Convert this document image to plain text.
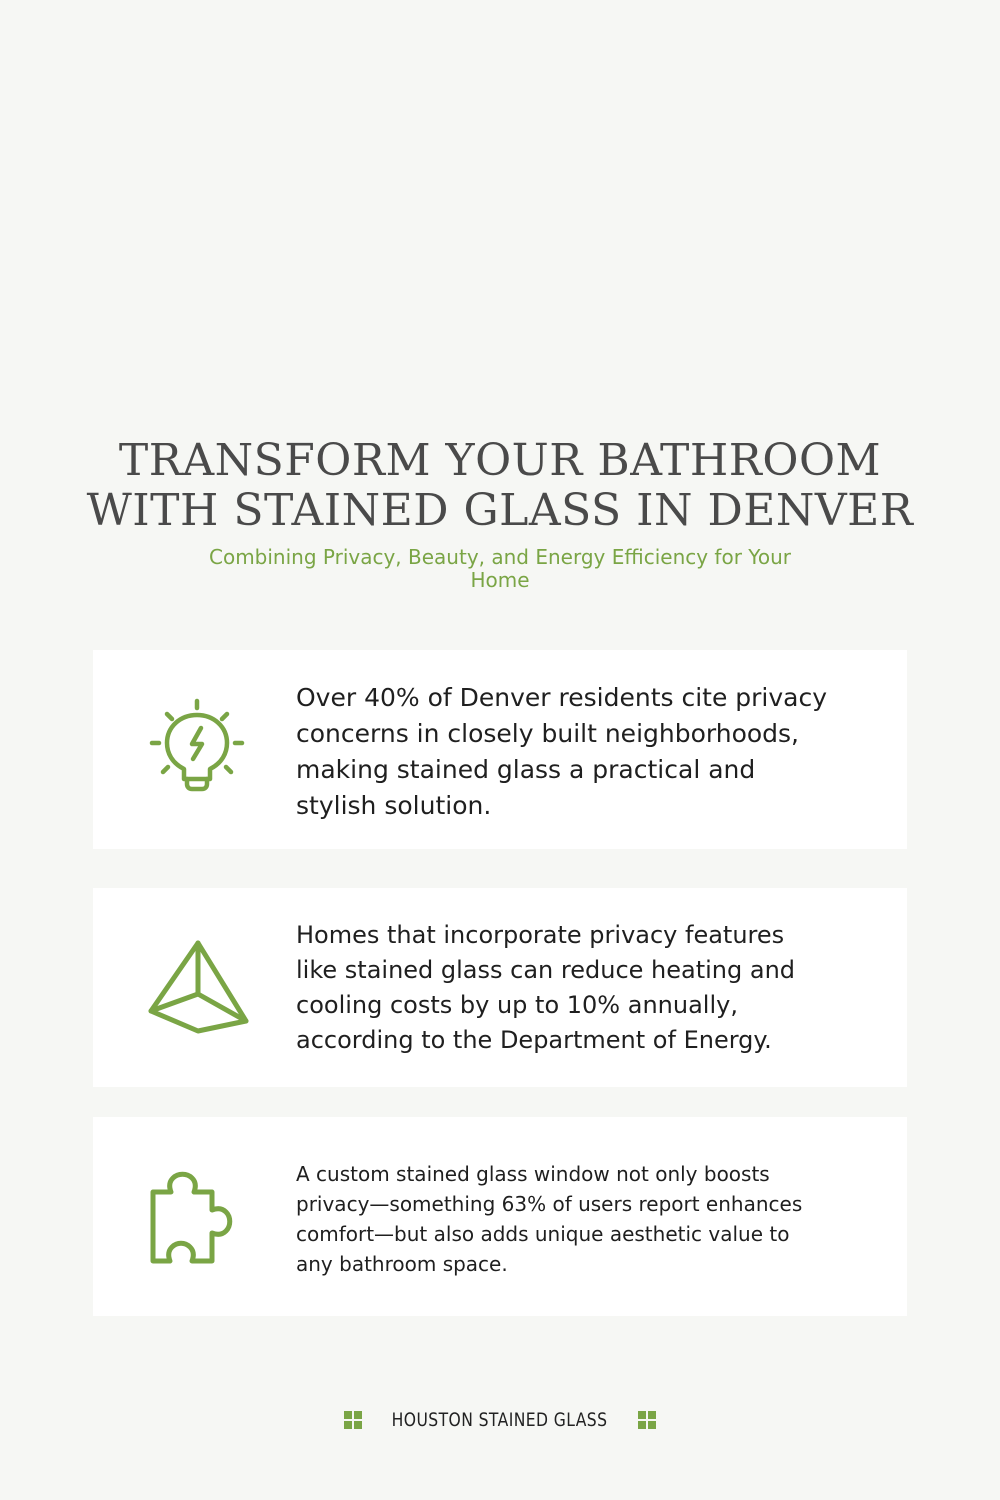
TRANSFORM YOUR BATHROOM
WITH STAINED GLASS IN DENVER

Combining Privacy, Beauty, and Energy Efficiency for Your Home

Over 40% of Denver residents cite privacy concerns in closely built neighborhoods, making stained glass a practical and stylish solution.

Homes that incorporate privacy features like stained glass can reduce heating and cooling costs by up to 10% annually, according to the Department of Energy.

A custom stained glass window not only boosts privacy—something 63% of users report enhances comfort—but also adds unique aesthetic value to any bathroom space.

HOUSTON STAINED GLASS
